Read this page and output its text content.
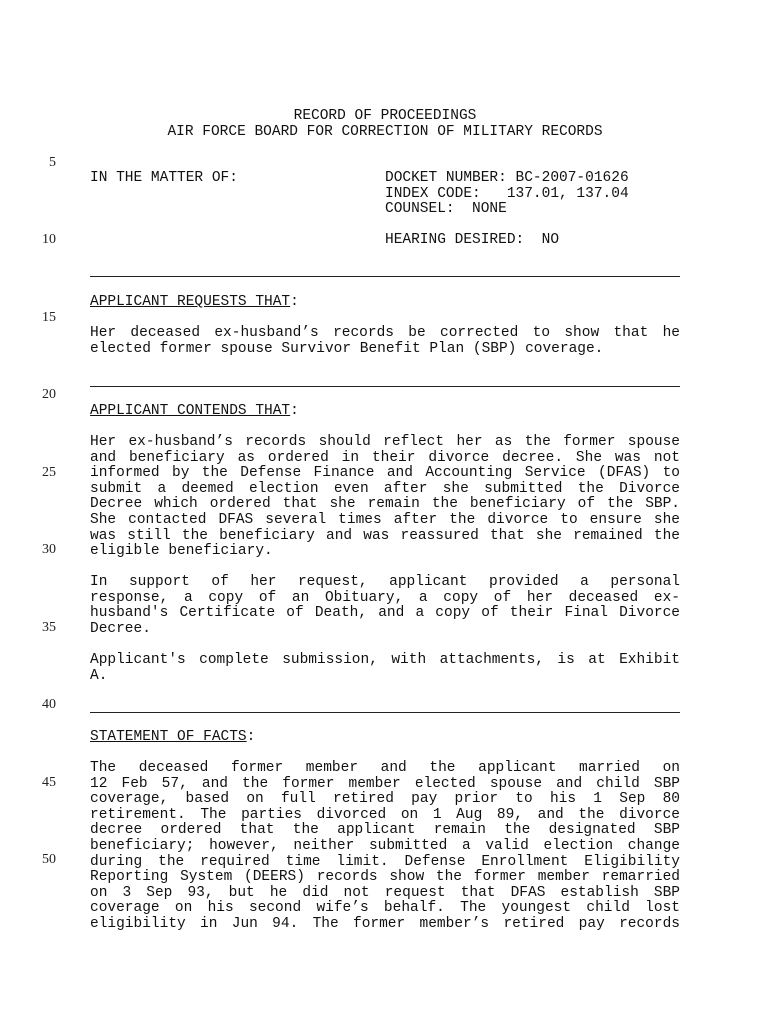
RECORD OF PROCEEDINGS
AIR FORCE BOARD FOR CORRECTION OF MILITARY RECORDS
5
10
15
20
25
30
35
40
45
50
IN THE MATTER OF:	DOCKET NUMBER: BC-2007-01626
INDEX CODE:   137.01, 137.04
COUNSEL:  NONE
HEARING DESIRED:  NO
APPLICANT REQUESTS THAT:
Her deceased ex-husband’s records be corrected to show that he
elected former spouse Survivor Benefit Plan (SBP) coverage.
APPLICANT CONTENDS THAT:
Her ex-husband’s records should reflect her as the former spouse
and beneficiary as ordered in their divorce decree. She was not
informed by the Defense Finance and Accounting Service (DFAS) to
submit a deemed election even after she submitted the Divorce
Decree which ordered that she remain the beneficiary of the SBP.
She contacted DFAS several times after the divorce to ensure she
was still the beneficiary and was reassured that she remained the
eligible beneficiary.
In support of her request, applicant provided a personal
response, a copy of an Obituary, a copy of her deceased ex-
husband's Certificate of Death, and a copy of their Final Divorce
Decree.
Applicant's complete submission, with attachments, is at Exhibit
A.
STATEMENT OF FACTS:
The deceased former member and the applicant married on
12 Feb 57, and the former member elected spouse and child SBP
coverage, based on full retired pay prior to his 1 Sep 80
retirement. The parties divorced on 1 Aug 89, and the divorce
decree ordered that the applicant remain the designated SBP
beneficiary; however, neither submitted a valid election change
during the required time limit. Defense Enrollment Eligibility
Reporting System (DEERS) records show the former member remarried
on 3 Sep 93, but he did not request that DFAS establish SBP
coverage on his second wife’s behalf. The youngest child lost
eligibility in Jun 94. The former member’s retired pay records
